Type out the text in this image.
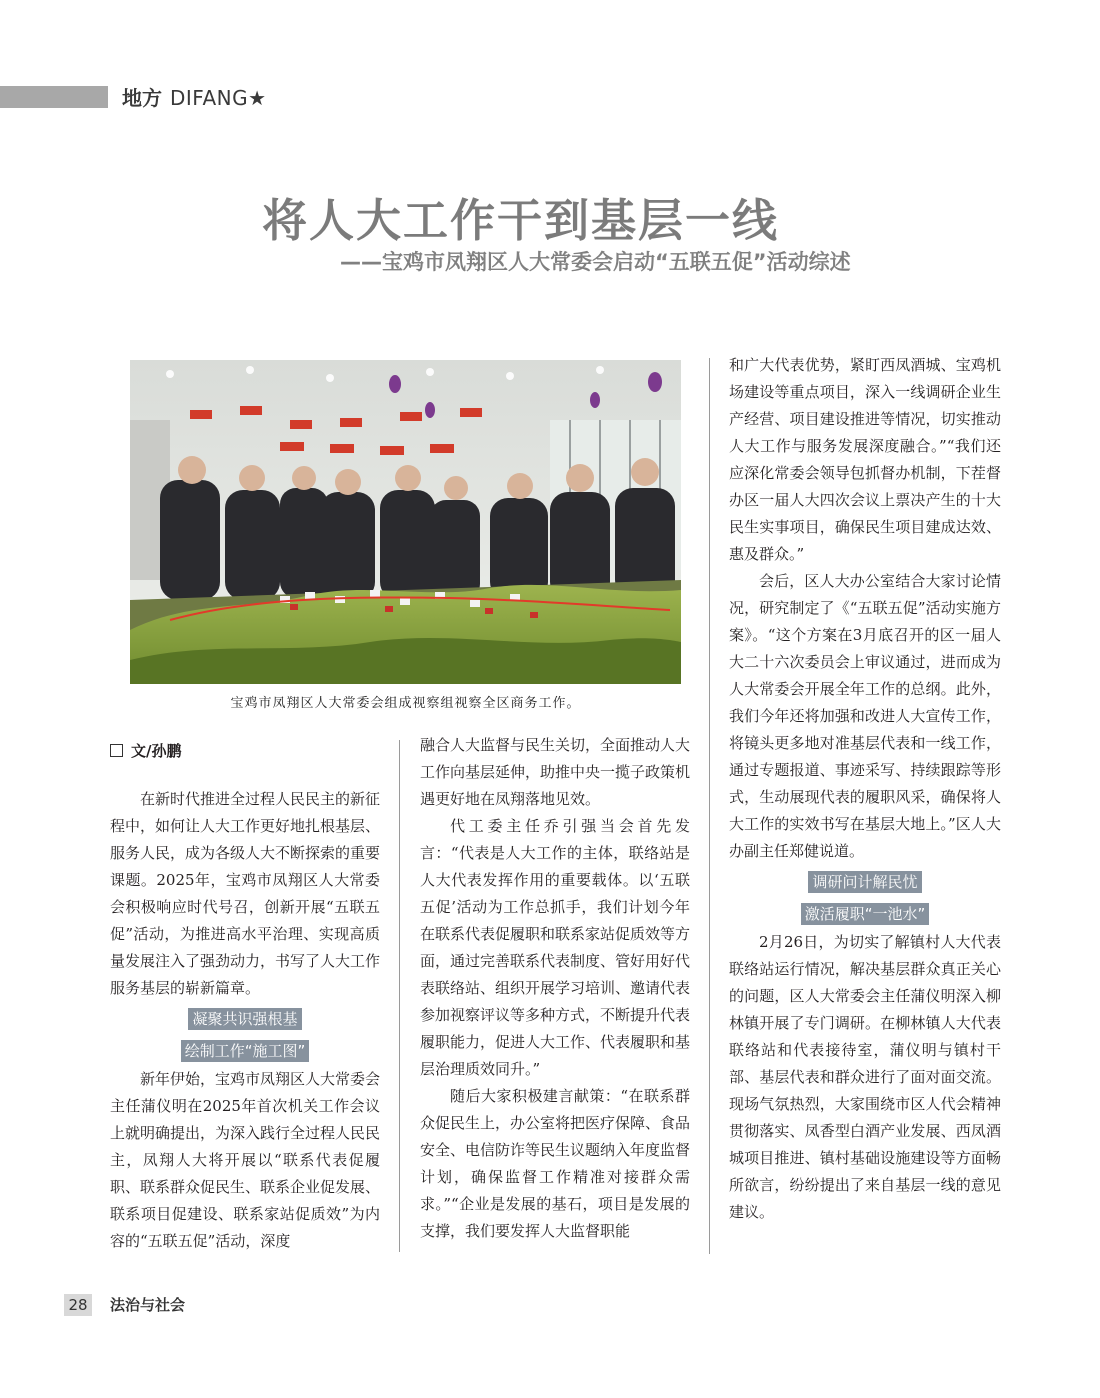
地方 DIFANG★
将人大工作干到基层一线
——宝鸡市凤翔区人大常委会启动“五联五促”活动综述
宝鸡市凤翔区人大常委会组成视察组视察全区商务工作。
文/孙鹏

在新时代推进全过程人民民主的新征程中，如何让人大工作更好地扎根基层、服务人民，成为各级人大不断探索的重要课题。2025年，宝鸡市凤翔区人大常委会积极响应时代号召，创新开展“五联五促”活动，为推进高水平治理、实现高质量发展注入了强劲动力，书写了人大工作服务基层的崭新篇章。

凝聚共识强根基
绘制工作“施工图”

新年伊始，宝鸡市凤翔区人大常委会主任蒲仪明在2025年首次机关工作会议上就明确提出，为深入践行全过程人民民主，凤翔人大将开展以“联系代表促履职、联系群众促民生、联系企业促发展、联系项目促建设、联系家站促质效”为内容的“五联五促”活动，深度

融合人大监督与民生关切，全面推动人大工作向基层延伸，助推中央一揽子政策机遇更好地在凤翔落地见效。

代工委主任乔引强当会首先发言：“代表是人大工作的主体，联络站是人大代表发挥作用的重要载体。以‘五联五促’活动为工作总抓手，我们计划今年在联系代表促履职和联系家站促质效等方面，通过完善联系代表制度、管好用好代表联络站、组织开展学习培训、邀请代表参加视察评议等多种方式，不断提升代表履职能力，促进人大工作、代表履职和基层治理质效同升。”

随后大家积极建言献策：“在联系群众促民生上，办公室将把医疗保障、食品安全、电信防诈等民生议题纳入年度监督计划，确保监督工作精准对接群众需求。”“企业是发展的基石，项目是发展的支撑，我们要发挥人大监督职能

和广大代表优势，紧盯西凤酒城、宝鸡机场建设等重点项目，深入一线调研企业生产经营、项目建设推进等情况，切实推动人大工作与服务发展深度融合。”“我们还应深化常委会领导包抓督办机制，下茬督办区一届人大四次会议上票决产生的十大民生实事项目，确保民生项目建成达效、惠及群众。”

会后，区人大办公室结合大家讨论情况，研究制定了《“五联五促”活动实施方案》。“这个方案在3月底召开的区一届人大二十六次委员会上审议通过，进而成为人大常委会开展全年工作的总纲。此外，我们今年还将加强和改进人大宣传工作，将镜头更多地对准基层代表和一线工作，通过专题报道、事迹采写、持续跟踪等形式，生动展现代表的履职风采，确保将人大工作的实效书写在基层大地上。”区人大办副主任郑健说道。

调研问计解民忧
激活履职“一池水”

2月26日，为切实了解镇村人大代表联络站运行情况，解决基层群众真正关心的问题，区人大常委会主任蒲仪明深入柳林镇开展了专门调研。在柳林镇人大代表联络站和代表接待室，蒲仪明与镇村干部、基层代表和群众进行了面对面交流。现场气氛热烈，大家围绕市区人代会精神贯彻落实、凤香型白酒产业发展、西凤酒城项目推进、镇村基础设施建设等方面畅所欲言，纷纷提出了来自基层一线的意见建议。

28 法治与社会
